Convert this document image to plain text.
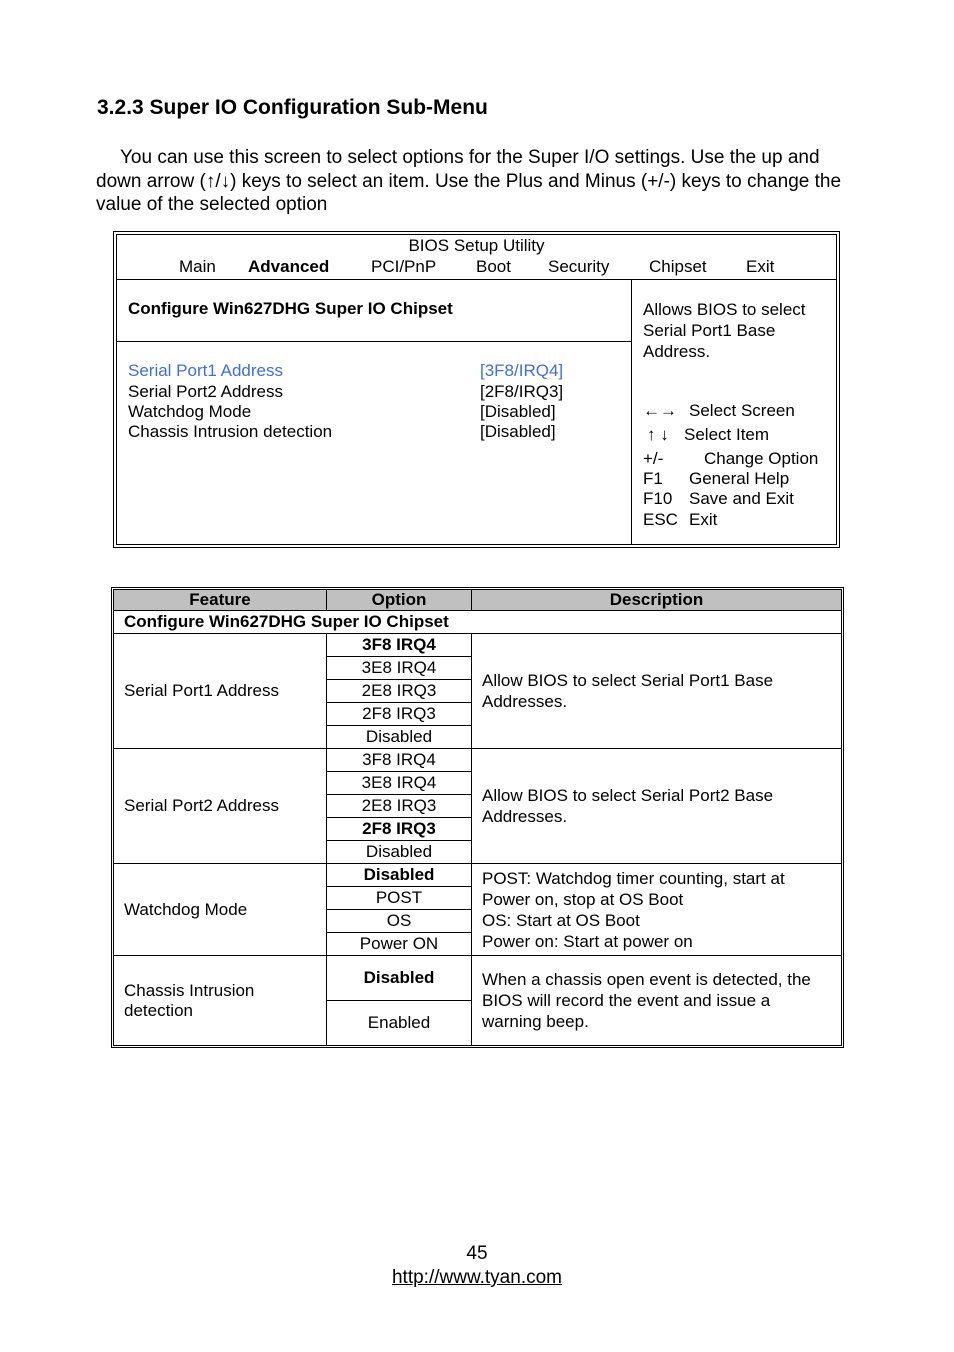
3.2.3 Super IO Configuration Sub-Menu

You can use this screen to select options for the Super I/O settings. Use the up and down arrow (↑/↓) keys to select an item. Use the Plus and Minus (+/-) keys to change the value of the selected option

BIOS Setup Utility
Main Advanced PCI/PnP Boot Security Chipset Exit
Configure Win627DHG Super IO Chipset
Serial Port1 Address	[3F8/IRQ4]
Serial Port2 Address	[2F8/IRQ3]
Watchdog Mode	[Disabled]
Chassis Intrusion detection	[Disabled]
Allows BIOS to select Serial Port1 Base Address.
←→ Select Screen
↑ ↓ Select Item
+/- Change Option
F1 General Help
F10 Save and Exit
ESC Exit
Feature	Option	Description
Configure Win627DHG Super IO Chipset		
Serial Port1 Address	3F8 IRQ4	Allow BIOS to select Serial Port1 Base Addresses.
	3E8 IRQ4	
	2E8 IRQ3	
	2F8 IRQ3	
	Disabled	
Serial Port2 Address	3F8 IRQ4	Allow BIOS to select Serial Port2 Base Addresses.
	3E8 IRQ4	
	2E8 IRQ3	
	2F8 IRQ3	
	Disabled	
Watchdog Mode	Disabled	POST: Watchdog timer counting, start at Power on, stop at OS Boot
OS: Start at OS Boot
Power on: Start at power on

	POST	
	OS	
	Power ON	
Chassis Intrusion detection	Disabled	When a chassis open event is detected, the BIOS will record the event and issue a warning beep.
	Enabled	
45
http://www.tyan.com
